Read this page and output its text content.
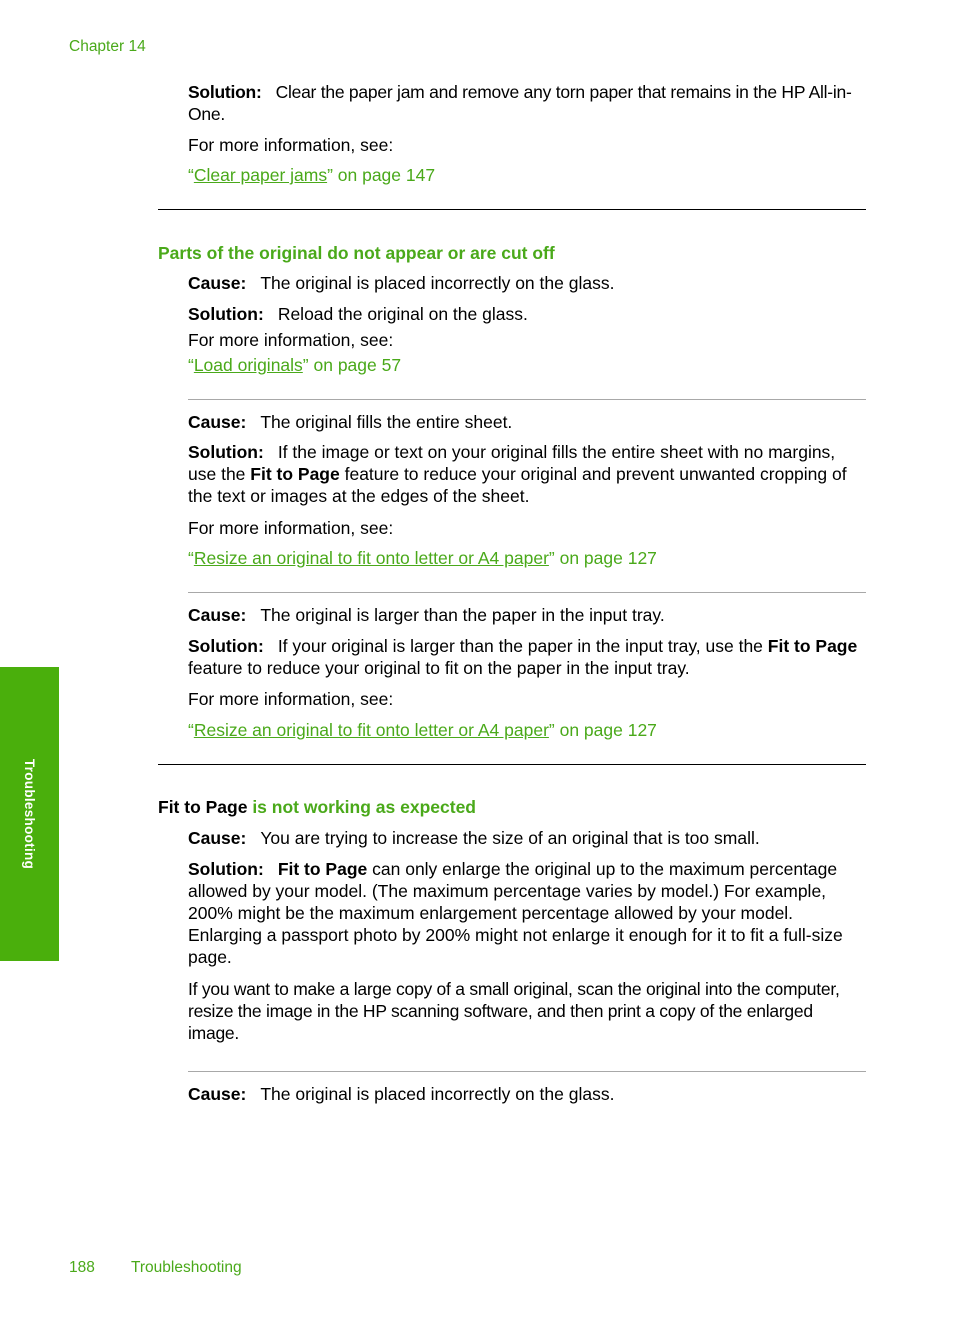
Chapter 14
Troubleshooting

Solution: Clear the paper jam and remove any torn paper that remains in the HP All-in-One.

For more information, see:
“Clear paper jams” on page 147
Parts of the original do not appear or are cut off
Cause: The original is placed incorrectly on the glass.
Solution: Reload the original on the glass.
For more information, see:
“Load originals” on page 57
Cause: The original fills the entire sheet.

Solution: If the image or text on your original fills the entire sheet with no margins, use the Fit to Page feature to reduce your original and prevent unwanted cropping of the text or images at the edges of the sheet.

For more information, see:
“Resize an original to fit onto letter or A4 paper” on page 127
Cause: The original is larger than the paper in the input tray.

Solution: If your original is larger than the paper in the input tray, use the Fit to Page feature to reduce your original to fit on the paper in the input tray.

For more information, see:
“Resize an original to fit onto letter or A4 paper” on page 127
Fit to Page is not working as expected
Cause: You are trying to increase the size of an original that is too small.

Solution: Fit to Page can only enlarge the original up to the maximum percentage allowed by your model. (The maximum percentage varies by model.) For example, 200% might be the maximum enlargement percentage allowed by your model. Enlarging a passport photo by 200% might not enlarge it enough for it to fit a full-size page.

If you want to make a large copy of a small original, scan the original into the computer, resize the image in the HP scanning software, and then print a copy of the enlarged image.
Cause: The original is placed incorrectly on the glass.
188 Troubleshooting
